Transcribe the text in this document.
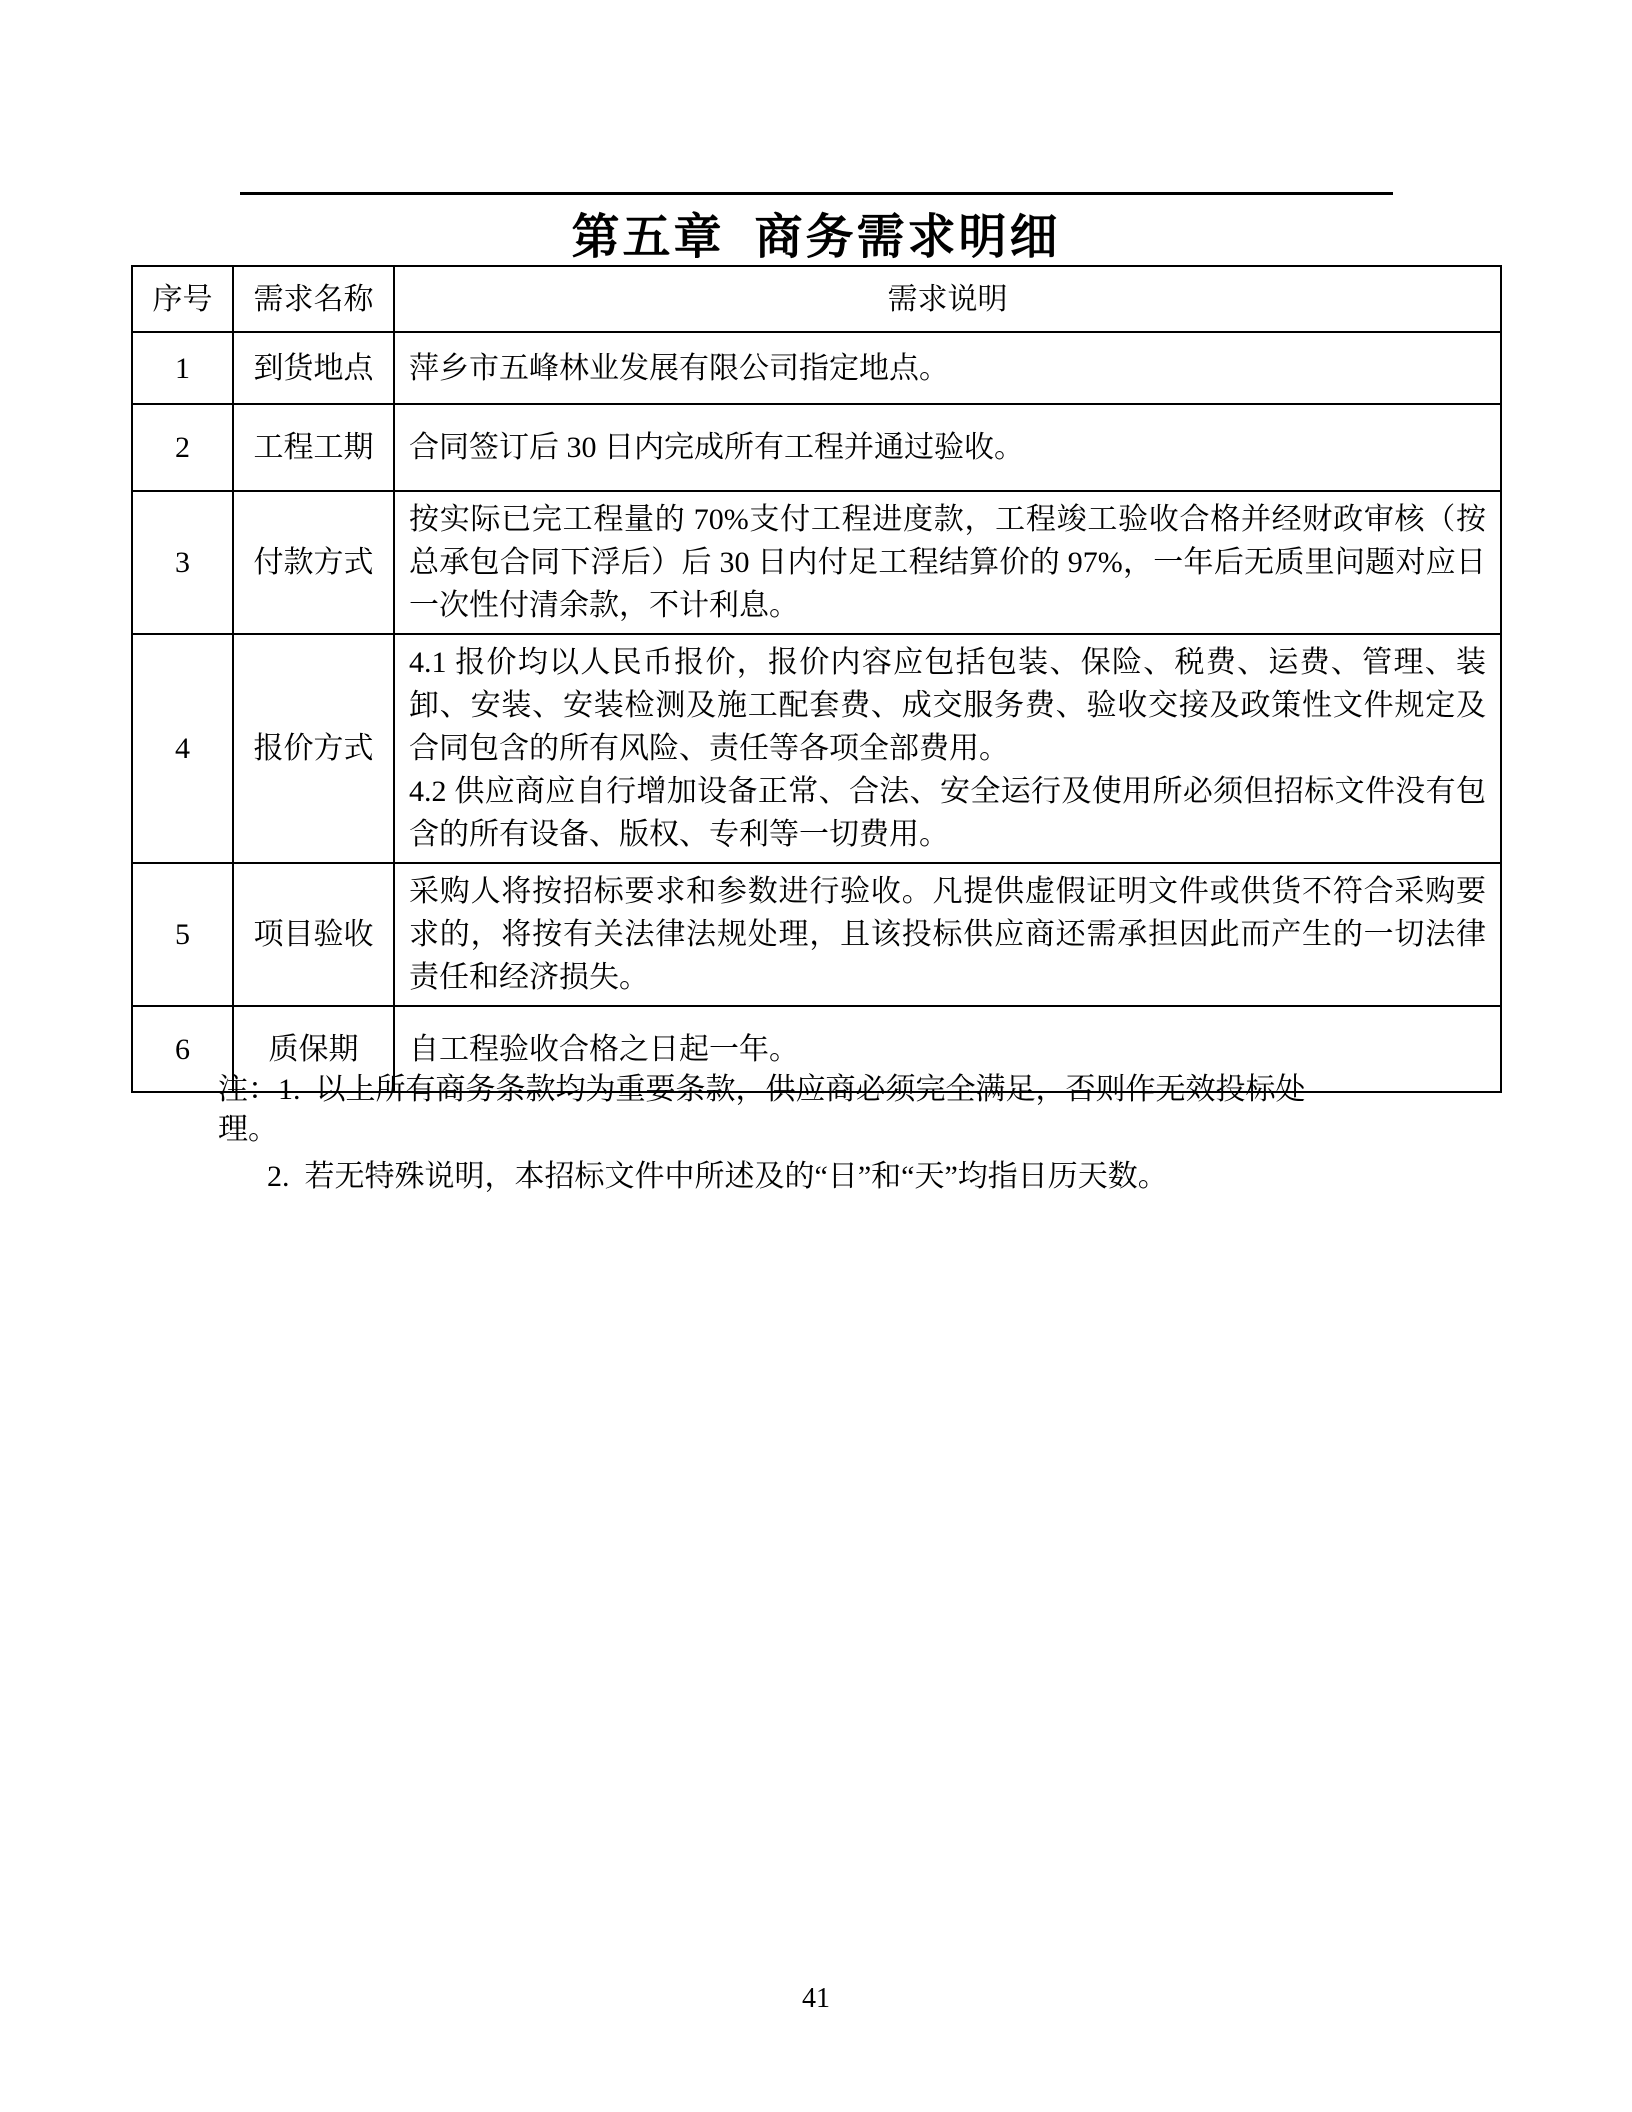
第五章  商务需求明细
序号	需求名称	需求说明
1	到货地点	萍乡市五峰林业发展有限公司指定地点。
2	工程工期	合同签订后 30 日内完成所有工程并通过验收。
3	付款方式	按实际已完工程量的 70%支付工程进度款，工程竣工验收合格并经财政审核（按总承包合同下浮后）后 30 日内付足工程结算价的 97%，一年后无质里问题对应日一次性付清余款，不计利息。
4	报价方式	4.1 报价均以人民币报价，报价内容应包括包装、保险、税费、运费、管理、装卸、安装、安装检测及施工配套费、成交服务费、验收交接及政策性文件规定及合同包含的所有风险、责任等各项全部费用。
4.2 供应商应自行增加设备正常、合法、安全运行及使用所必须但招标文件没有包含的所有设备、版权、专利等一切费用。

5	项目验收	采购人将按招标要求和参数进行验收。凡提供虚假证明文件或供货不符合采购要求的，将按有关法律法规处理，且该投标供应商还需承担因此而产生的一切法律责任和经济损失。
6	质保期	自工程验收合格之日起一年。
注：1.  以上所有商务条款均为重要条款，供应商必须完全满足，否则作无效投标处
理。
2.  若无特殊说明，本招标文件中所述及的“日”和“天”均指日历天数。
41
